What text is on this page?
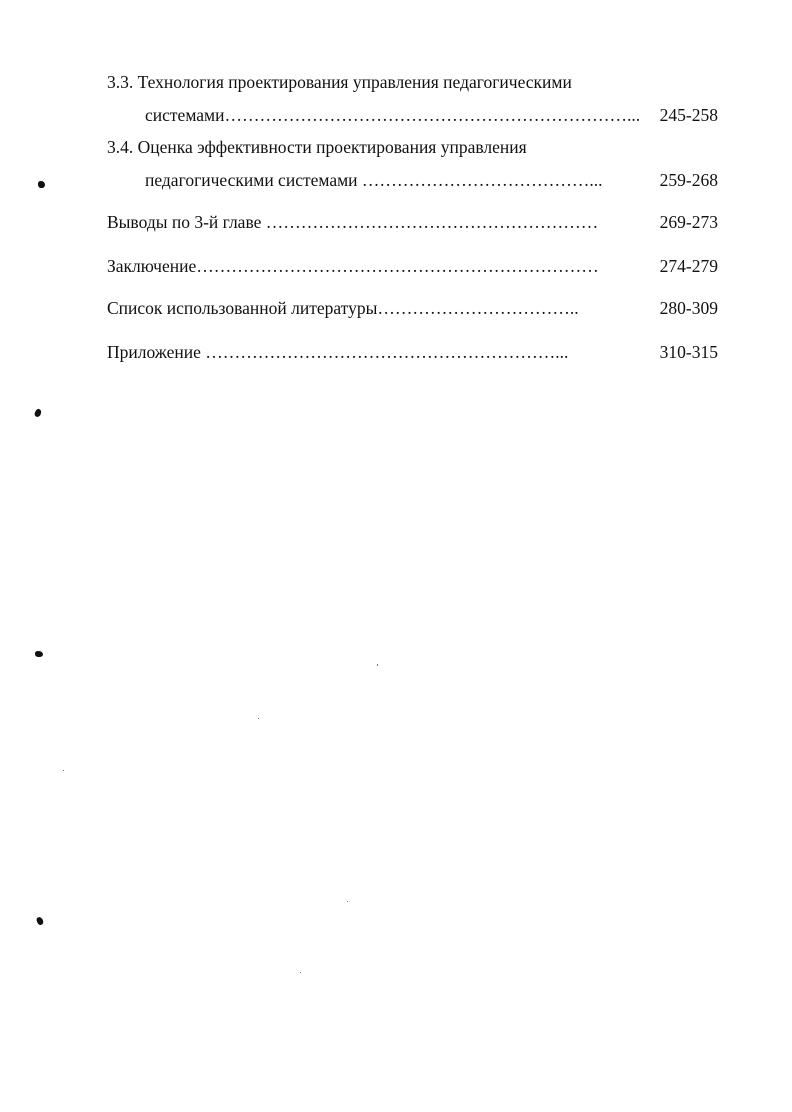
3.3. Технология проектирования управления педагогическими
системами……………………………………………………………... 245-258
3.4. Оценка эффективности проектирования управления
педагогическими системами …………………………………...	259-268
Выводы по 3-й главе …………………………………………………	269-273
Заключение……………………………………………………………	274-279
Список использованной литературы……………………………..	280-309
Приложение ……………………………………………………...	310-315
